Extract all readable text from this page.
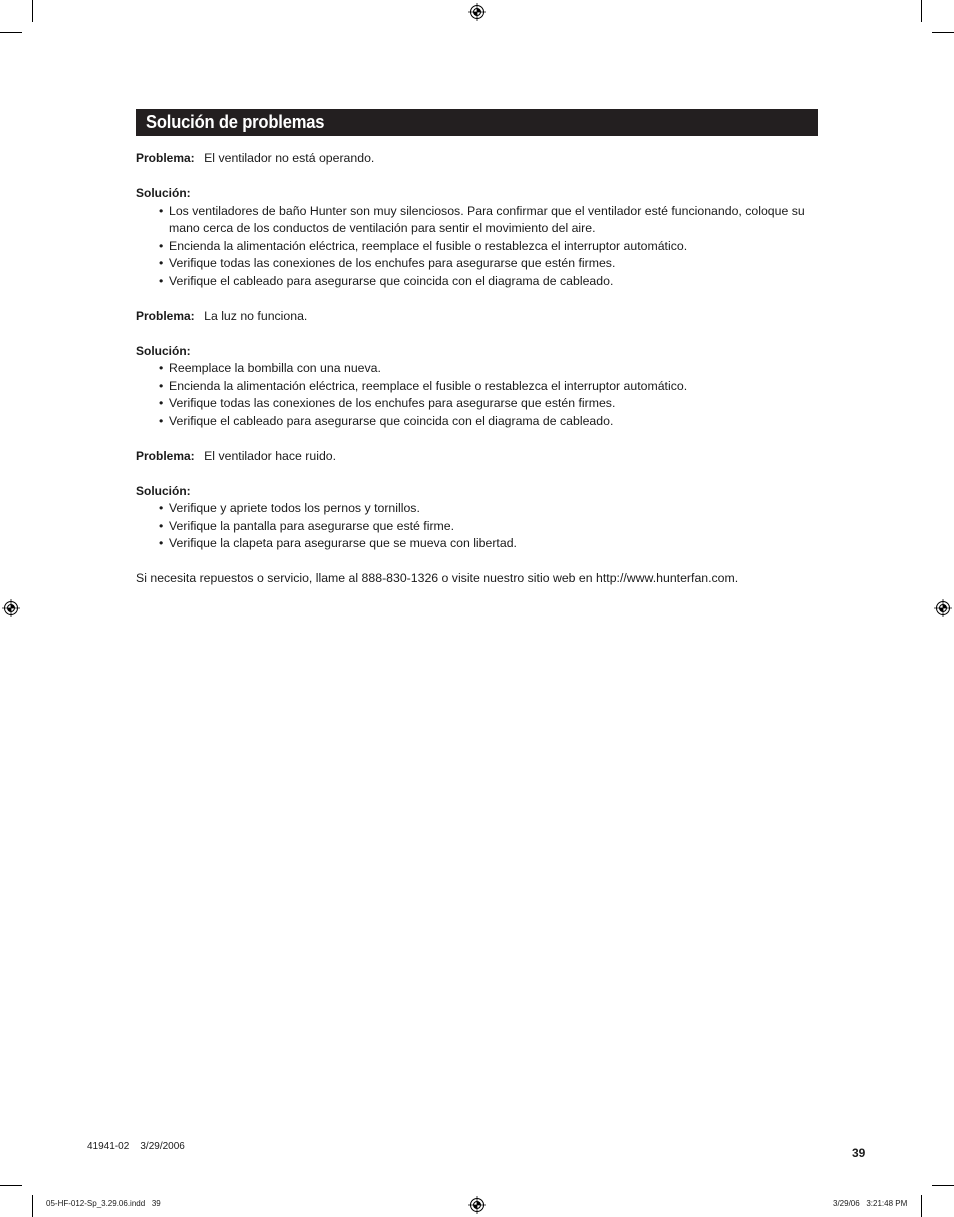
Solución de problemas

Problema: El ventilador no está operando.

Solución:

• Los ventiladores de baño Hunter son muy silenciosos. Para confirmar que el ventilador esté funcionando, coloque su mano cerca de los conductos de ventilación para sentir el movimiento del aire.
• Encienda la alimentación eléctrica, reemplace el fusible o restablezca el interruptor automático.
• Verifique todas las conexiones de los enchufes para asegurarse que estén firmes.
• Verifique el cableado para asegurarse que coincida con el diagrama de cableado.

Problema: La luz no funciona.

Solución:

• Reemplace la bombilla con una nueva.
• Encienda la alimentación eléctrica, reemplace el fusible o restablezca el interruptor automático.
• Verifique todas las conexiones de los enchufes para asegurarse que estén firmes.
• Verifique el cableado para asegurarse que coincida con el diagrama de cableado.

Problema: El ventilador hace ruido.

Solución:

• Verifique y apriete todos los pernos y tornillos.
• Verifique la pantalla para asegurarse que esté firme.
• Verifique la clapeta para asegurarse que se mueva con libertad.

Si necesita repuestos o servicio, llame al 888-830-1326 o visite nuestro sitio web en http://www.hunterfan.com.

41941-02    3/29/2006	39
05-HF-012-Sp_3.29.06.indd   39	3/29/06   3:21:48 PM
